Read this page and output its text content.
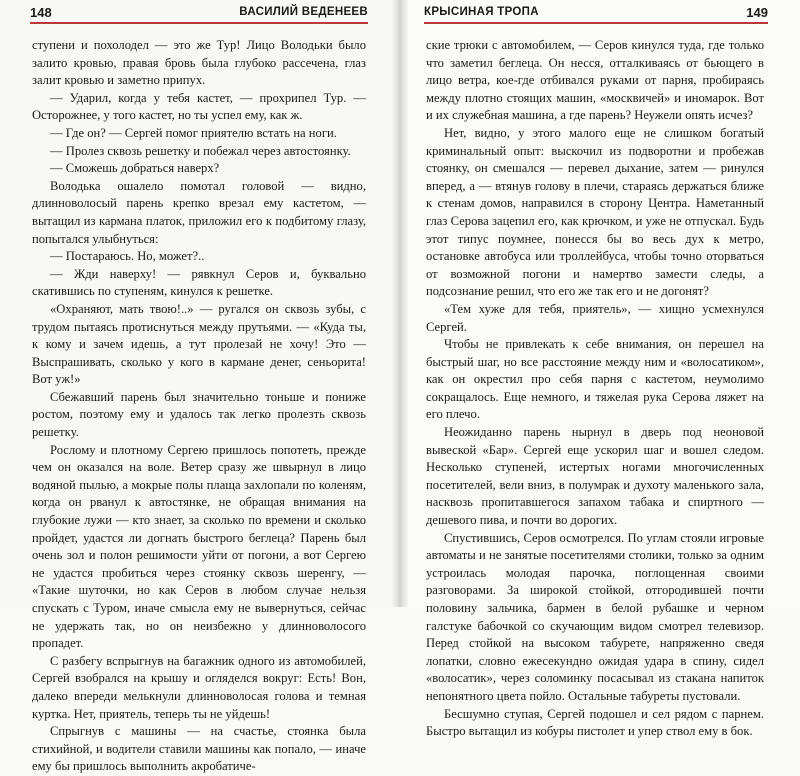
148	ВАСИЛИЙ ВЕДЕНЕЕВ

ступени и похолодел — это же Тур! Лицо Володьки было залито кровью, правая бровь была глубоко рассечена, глаз залит кровью и заметно припух.

— Ударил, когда у тебя кастет, — прохрипел Тур. — Осторожнее, у того кастет, но ты успел ему, как ж.

— Где он? — Сергей помог приятелю встать на ноги.

— Пролез сквозь решетку и побежал через автостоянку.

— Сможешь добраться наверх?

Володька ошалело помотал головой — видно, длинноволосый парень крепко врезал ему кастетом, — вытащил из кармана платок, приложил его к подбитому глазу, попытался улыбнуться:

— Постараюсь. Но, может?..

— Жди наверху! — рявкнул Серов и, буквально скатившись по ступеням, кинулся к решетке.

«Охраняют, мать твою!..» — ругался он сквозь зубы, с трудом пытаясь протиснуться между прутьями. — «Куда ты, к кому и зачем идешь, а тут пролезай не хочу! Это — Выспрашивать, сколько у кого в кармане денег, сеньорита! Вот уж!»

Сбежавший парень был значительно тоньше и пониже ростом, поэтому ему и удалось так легко пролезть сквозь решетку.

Рослому и плотному Сергею пришлось попотеть, прежде чем он оказался на воле. Ветер сразу же швырнул в лицо водяной пылью, а мокрые полы плаща захлопали по коленям, когда он рванул к автостянке, не обращая внимания на глубокие лужи — кто знает, за сколько по времени и сколько пройдет, удастся ли догнать быстрого беглеца? Парень был очень зол и полон решимости уйти от погони, а вот Сергею не удастся пробиться через стоянку сквозь шеренгу, — «Такие шуточки, но как Серов в любом случае нельзя спускать с Туром, иначе смысла ему не вывернуться, сейчас не удержать так, но он неизбежно у длинноволосого пропадет.

С разбегу вспрыгнув на багажник одного из автомобилей, Сергей взобрался на крышу и огляделся вокруг: Есть! Вон, далеко впереди мелькнули длинноволосая голова и темная куртка. Нет, приятель, теперь ты не уйдешь!

Спрыгнув с машины — на счастье, стоянка была стихийной, и водители ставили машины как попало, — иначе ему бы пришлось выполнить акробатиче-

КРЫСИНАЯ ТРОПА	149

ские трюки с автомобилем, — Серов кинулся туда, где только что заметил беглеца. Он несся, отталкиваясь от бьющего в лицо ветра, кое-где отбивался руками от парня, пробираясь между плотно стоящих машин, «москвичей» и иномарок. Вот и их служебная машина, а где парень? Неужели опять исчез?

Нет, видно, у этого малого еще не слишком богатый криминальный опыт: выскочил из подворотни и пробежав стоянку, он смешался — перевел дыхание, затем — ринулся вперед, а — втянув голову в плечи, стараясь держаться ближе к стенам домов, направился в сторону Центра. Наметанный глаз Серова зацепил его, как крючком, и уже не отпускал. Будь этот типус поумнее, понесся бы во весь дух к метро, остановке автобуса или троллейбуса, чтобы точно оторваться от возможной погони и намертво замести следы, а подсознание решил, что его же так его и не догонят?

«Тем хуже для тебя, приятель», — хищно усмехнулся Сергей.

Чтобы не привлекать к себе внимания, он перешел на быстрый шаг, но все расстояние между ним и «волосатиком», как он окрестил про себя парня с кастетом, неумолимо сокращалось. Еще немного, и тяжелая рука Серова ляжет на его плечо.

Неожиданно парень нырнул в дверь под неоновой вывеской «Бар». Сергей еще ускорил шаг и вошел следом. Несколько ступеней, истертых ногами многочисленных посетителей, вели вниз, в полумрак и духоту маленького зала, насквозь пропитавшегося запахом табака и спиртного — дешевого пива, и почти во дорогих.

Спустившись, Серов осмотрелся. По углам стояли игровые автоматы и не занятые посетителями столики, только за одним устроилась молодая парочка, поглощенная своими разговорами. За широкой стойкой, отгородившей почти половину зальчика, бармен в белой рубашке и черном галстуке бабочкой со скучающим видом смотрел телевизор. Перед стойкой на высоком табурете, напряженно сведя лопатки, словно ежесекундно ожидая удара в спину, сидел «волосатик», через соломинку посасывал из стакана напиток непонятного цвета пойло. Остальные табуреты пустовали.

Бесшумно ступая, Сергей подошел и сел рядом с парнем. Быстро вытащил из кобуры пистолет и упер ствол ему в бок.
